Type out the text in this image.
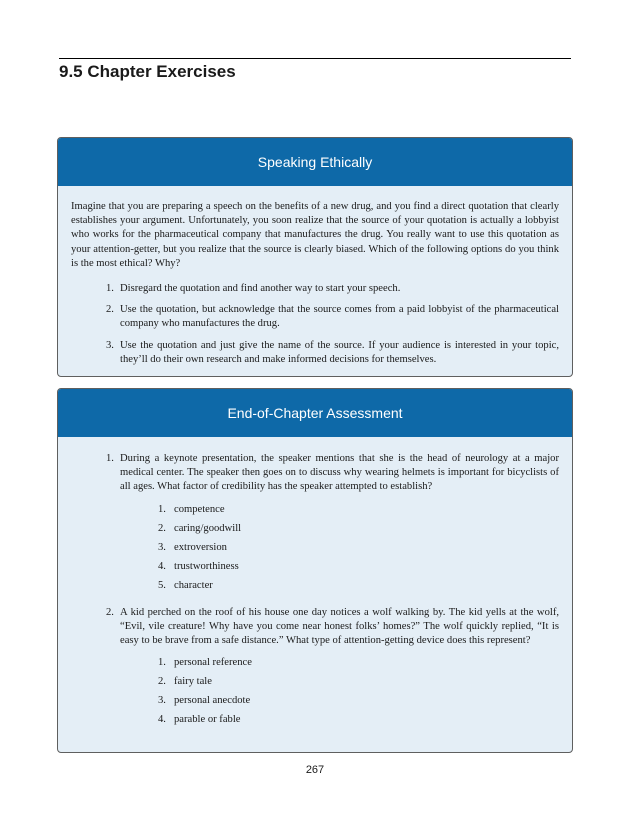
9.5 Chapter Exercises
Speaking Ethically

Imagine that you are preparing a speech on the benefits of a new drug, and you find a direct quotation that clearly establishes your argument. Unfortunately, you soon realize that the source of your quotation is actually a lobbyist who works for the pharmaceutical company that manufactures the drug. You really want to use this quotation as your attention-getter, but you realize that the source is clearly biased. Which of the following options do you think is the most ethical? Why?

1. Disregard the quotation and find another way to start your speech.
2. Use the quotation, but acknowledge that the source comes from a paid lobbyist of the pharmaceutical company who manufactures the drug.
3. Use the quotation and just give the name of the source. If your audience is interested in your topic, they’ll do their own research and make informed decisions for themselves.
End-of-Chapter Assessment
1. During a keynote presentation, the speaker mentions that she is the head of neurology at a major medical center. The speaker then goes on to discuss why wearing helmets is important for bicyclists of all ages. What factor of credibility has the speaker attempted to establish?

1. competence
2. caring/goodwill
3. extroversion
4. trustworthiness
5. character
2. A kid perched on the roof of his house one day notices a wolf walking by. The kid yells at the wolf, “Evil, vile creature! Why have you come near honest folks’ homes?” The wolf quickly replied, “It is easy to be brave from a safe distance.” What type of attention-getting device does this represent?

1. personal reference
2. fairy tale
3. personal anecdote
4. parable or fable
267
